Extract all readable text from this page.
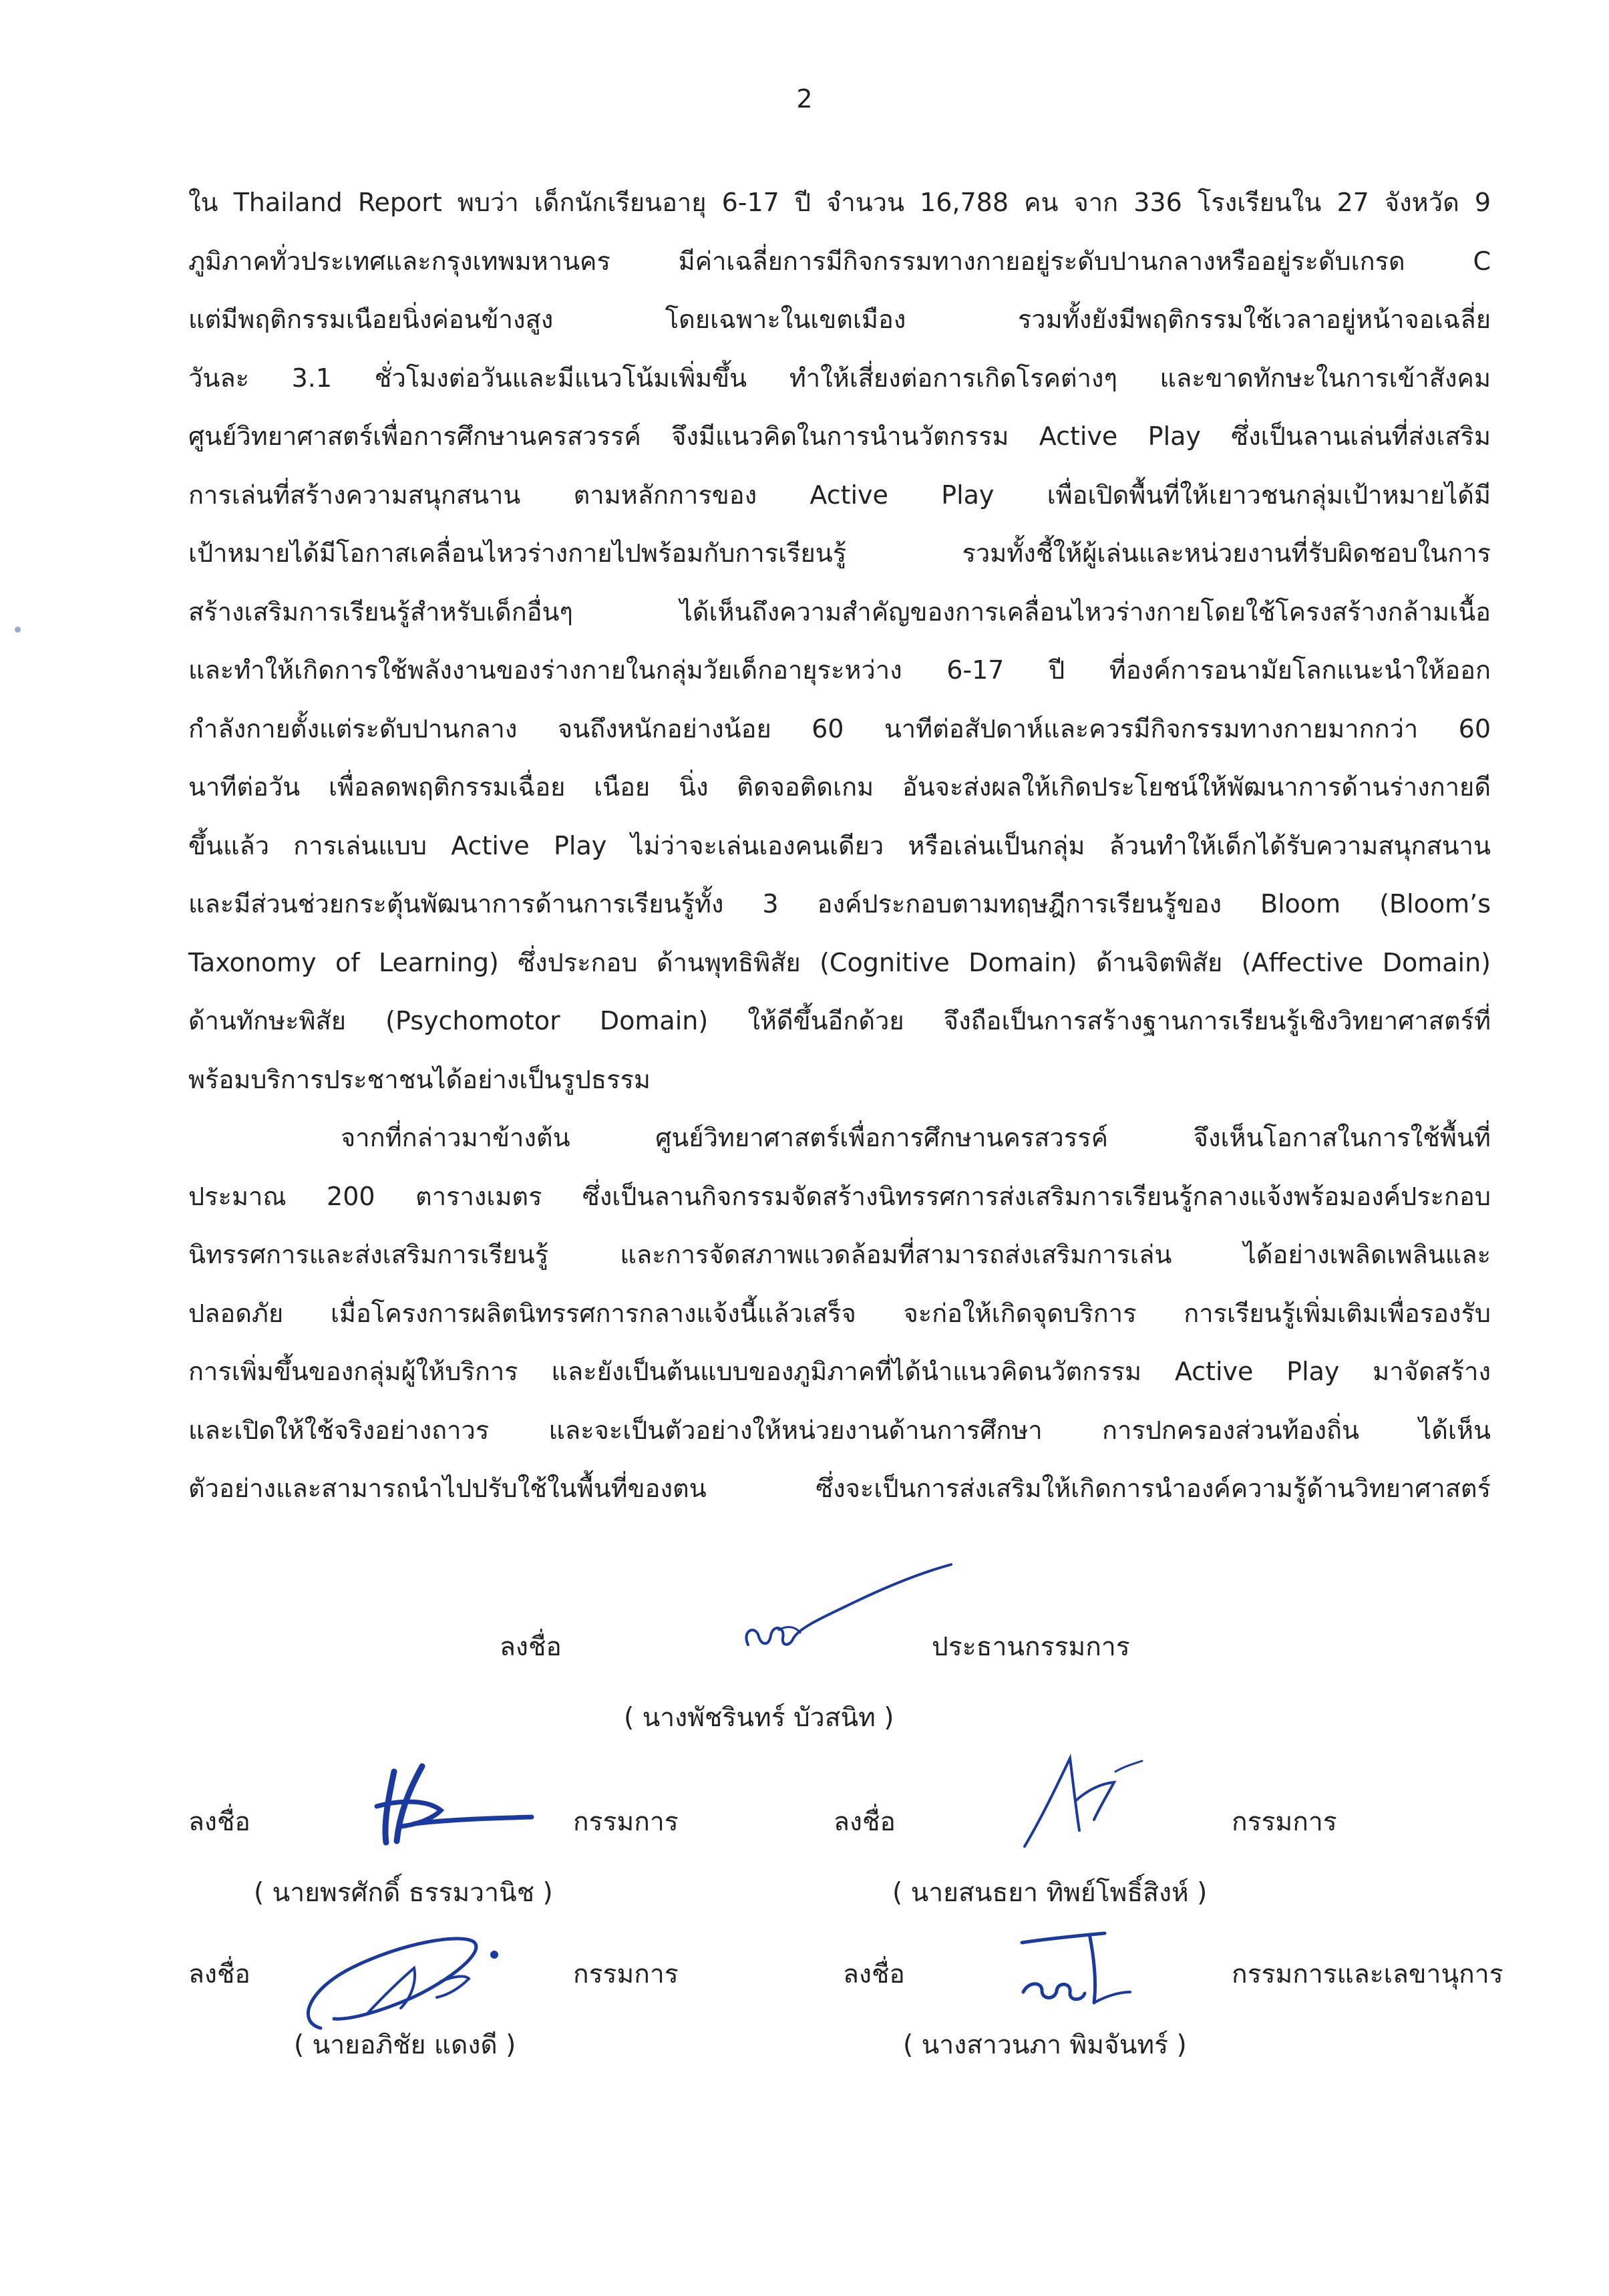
2
ใน Thailand Report พบว่า เด็กนักเรียนอายุ 6-17 ปี จำนวน 16,788 คน จาก 336 โรงเรียนใน 27 จังหวัด 9
ภูมิภาคทั่วประเทศและกรุงเทพมหานคร มีค่าเฉลี่ยการมีกิจกรรมทางกายอยู่ระดับปานกลางหรืออยู่ระดับเกรด C
แต่มีพฤติกรรมเนือยนิ่งค่อนข้างสูง โดยเฉพาะในเขตเมือง รวมทั้งยังมีพฤติกรรมใช้เวลาอยู่หน้าจอเฉลี่ย
วันละ 3.1 ชั่วโมงต่อวันและมีแนวโน้มเพิ่มขึ้น ทำให้เสี่ยงต่อการเกิดโรคต่างๆ และขาดทักษะในการเข้าสังคม
ศูนย์วิทยาศาสตร์เพื่อการศึกษานครสวรรค์ จึงมีแนวคิดในการนำนวัตกรรม Active Play ซึ่งเป็นลานเล่นที่ส่งเสริม
การเล่นที่สร้างความสนุกสนาน ตามหลักการของ Active Play เพื่อเปิดพื้นที่ให้เยาวชนกลุ่มเป้าหมายได้มี
เป้าหมายได้มีโอกาสเคลื่อนไหวร่างกายไปพร้อมกับการเรียนรู้ รวมทั้งชี้ให้ผู้เล่นและหน่วยงานที่รับผิดชอบในการ
สร้างเสริมการเรียนรู้สำหรับเด็กอื่นๆ ได้เห็นถึงความสำคัญของการเคลื่อนไหวร่างกายโดยใช้โครงสร้างกล้ามเนื้อ
และทำให้เกิดการใช้พลังงานของร่างกายในกลุ่มวัยเด็กอายุระหว่าง 6-17 ปี ที่องค์การอนามัยโลกแนะนำให้ออก
กำลังกายตั้งแต่ระดับปานกลาง จนถึงหนักอย่างน้อย 60 นาทีต่อสัปดาห์และควรมีกิจกรรมทางกายมากกว่า 60
นาทีต่อวัน เพื่อลดพฤติกรรมเฉื่อย เนือย นิ่ง ติดจอติดเกม อันจะส่งผลให้เกิดประโยชน์ให้พัฒนาการด้านร่างกายดี
ขึ้นแล้ว การเล่นแบบ Active Play ไม่ว่าจะเล่นเองคนเดียว หรือเล่นเป็นกลุ่ม ล้วนทำให้เด็กได้รับความสนุกสนาน
และมีส่วนช่วยกระตุ้นพัฒนาการด้านการเรียนรู้ทั้ง 3 องค์ประกอบตามทฤษฎีการเรียนรู้ของ Bloom (Bloom’s
Taxonomy of Learning) ซึ่งประกอบ ด้านพุทธิพิสัย (Cognitive Domain) ด้านจิตพิสัย (Affective Domain)
ด้านทักษะพิสัย (Psychomotor Domain) ให้ดีขึ้นอีกด้วย จึงถือเป็นการสร้างฐานการเรียนรู้เชิงวิทยาศาสตร์ที่
พร้อมบริการประชาชนได้อย่างเป็นรูปธรรม
จากที่กล่าวมาข้างต้น ศูนย์วิทยาศาสตร์เพื่อการศึกษานครสวรรค์ จึงเห็นโอกาสในการใช้พื้นที่
ประมาณ 200 ตารางเมตร ซึ่งเป็นลานกิจกรรมจัดสร้างนิทรรศการส่งเสริมการเรียนรู้กลางแจ้งพร้อมองค์ประกอบ
นิทรรศการและส่งเสริมการเรียนรู้ และการจัดสภาพแวดล้อมที่สามารถส่งเสริมการเล่น ได้อย่างเพลิดเพลินและ
ปลอดภัย เมื่อโครงการผลิตนิทรรศการกลางแจ้งนี้แล้วเสร็จ จะก่อให้เกิดจุดบริการ การเรียนรู้เพิ่มเติมเพื่อรองรับ
การเพิ่มขึ้นของกลุ่มผู้ให้บริการ และยังเป็นต้นแบบของภูมิภาคที่ได้นำแนวคิดนวัตกรรม Active Play มาจัดสร้าง
และเปิดให้ใช้จริงอย่างถาวร และจะเป็นตัวอย่างให้หน่วยงานด้านการศึกษา การปกครองส่วนท้องถิ่น ได้เห็น
ตัวอย่างและสามารถนำไปปรับใช้ในพื้นที่ของตน ซึ่งจะเป็นการส่งเสริมให้เกิดการนำองค์ความรู้ด้านวิทยาศาสตร์
ลงชื่อ	ประธานกรรมการ
( นางพัชรินทร์ บัวสนิท )
ลงชื่อ	กรรมการ
( นายพรศักดิ์ ธรรมวานิช )
ลงชื่อ	กรรมการ
( นายสนธยา ทิพย์โพธิ์สิงห์ )
ลงชื่อ	กรรมการ
( นายอภิชัย แดงดี )
ลงชื่อ	กรรมการและเลขานุการ
( นางสาวนภา พิมจันทร์ )
